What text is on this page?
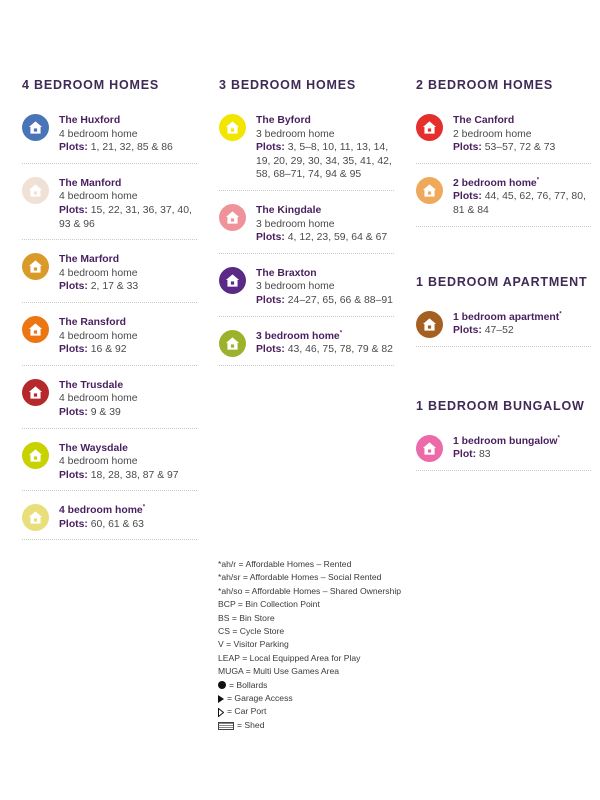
4 BEDROOM HOMES
The Huxford
4 bedroom home
Plots: 1, 21, 32, 85 & 86
The Manford
4 bedroom home
Plots: 15, 22, 31, 36, 37, 40, 93 & 96
The Marford
4 bedroom home
Plots: 2, 17 & 33
The Ransford
4 bedroom home
Plots: 16 & 92
The Trusdale
4 bedroom home
Plots: 9 & 39
The Waysdale
4 bedroom home
Plots: 18, 28, 38, 87 & 97
4 bedroom home*
Plots: 60, 61 & 63
3 BEDROOM HOMES
The Byford
3 bedroom home
Plots: 3, 5–8, 10, 11, 13, 14, 19, 20, 29, 30, 34, 35, 41, 42, 58, 68–71, 74, 94 & 95
The Kingdale
3 bedroom home
Plots: 4, 12, 23, 59, 64 & 67
The Braxton
3 bedroom home
Plots: 24–27, 65, 66 & 88–91
3 bedroom home*
Plots: 43, 46, 75, 78, 79 & 82
2 BEDROOM HOMES
The Canford
2 bedroom home
Plots: 53–57, 72 & 73
2 bedroom home*
Plots: 44, 45, 62, 76, 77, 80, 81 & 84
1 BEDROOM APARTMENT
1 bedroom apartment*
Plots: 47–52
1 BEDROOM BUNGALOW
1 bedroom bungalow*
Plot: 83
*ah/r = Affordable Homes – Rented
*ah/sr = Affordable Homes – Social Rented
*ah/so = Affordable Homes – Shared Ownership
BCP = Bin Collection Point
BS = Bin Store
CS = Cycle Store
V = Visitor Parking
LEAP = Local Equipped Area for Play
MUGA = Multi Use Games Area
= Bollards
= Garage Access
= Car Port
= Shed
